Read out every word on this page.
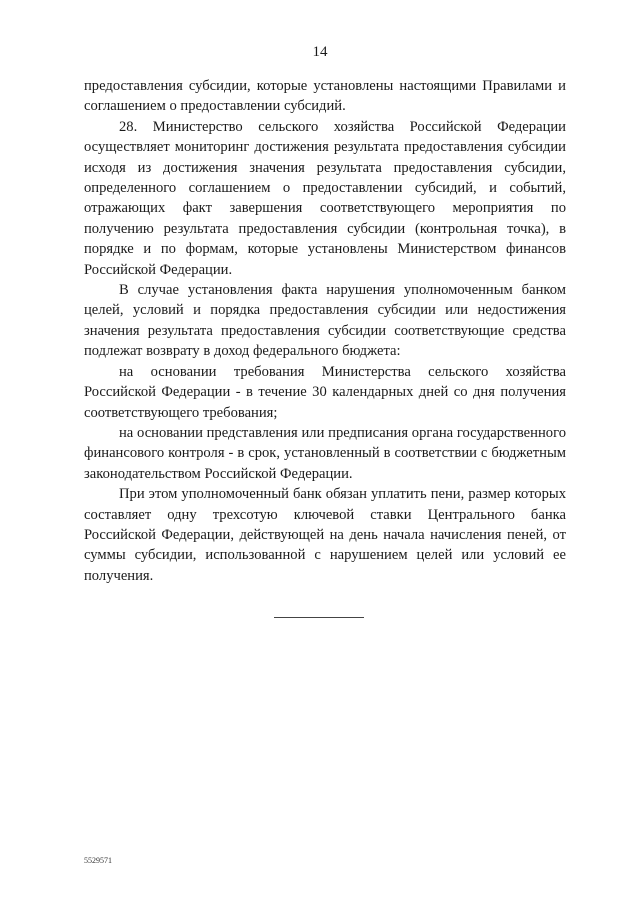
14

предоставления субсидии, которые установлены настоящими Правилами и соглашением о предоставлении субсидий.

28. Министерство сельского хозяйства Российской Федерации осуществляет мониторинг достижения результата предоставления субсидии исходя из достижения значения результата предоставления субсидии, определенного соглашением о предоставлении субсидий, и событий, отражающих факт завершения соответствующего мероприятия по получению результата предоставления субсидии (контрольная точка), в порядке и по формам, которые установлены Министерством финансов Российской Федерации.

В случае установления факта нарушения уполномоченным банком целей, условий и порядка предоставления субсидии или недостижения значения результата предоставления субсидии соответствующие средства подлежат возврату в доход федерального бюджета:

на основании требования Министерства сельского хозяйства Российской Федерации - в течение 30 календарных дней со дня получения соответствующего требования;

на основании представления или предписания органа государственного финансового контроля - в срок, установленный в соответствии с бюджетным законодательством Российской Федерации.

При этом уполномоченный банк обязан уплатить пени, размер которых составляет одну трехсотую ключевой ставки Центрального банка Российской Федерации, действующей на день начала начисления пеней, от суммы субсидии, использованной с нарушением целей или условий ее получения.

5529571
